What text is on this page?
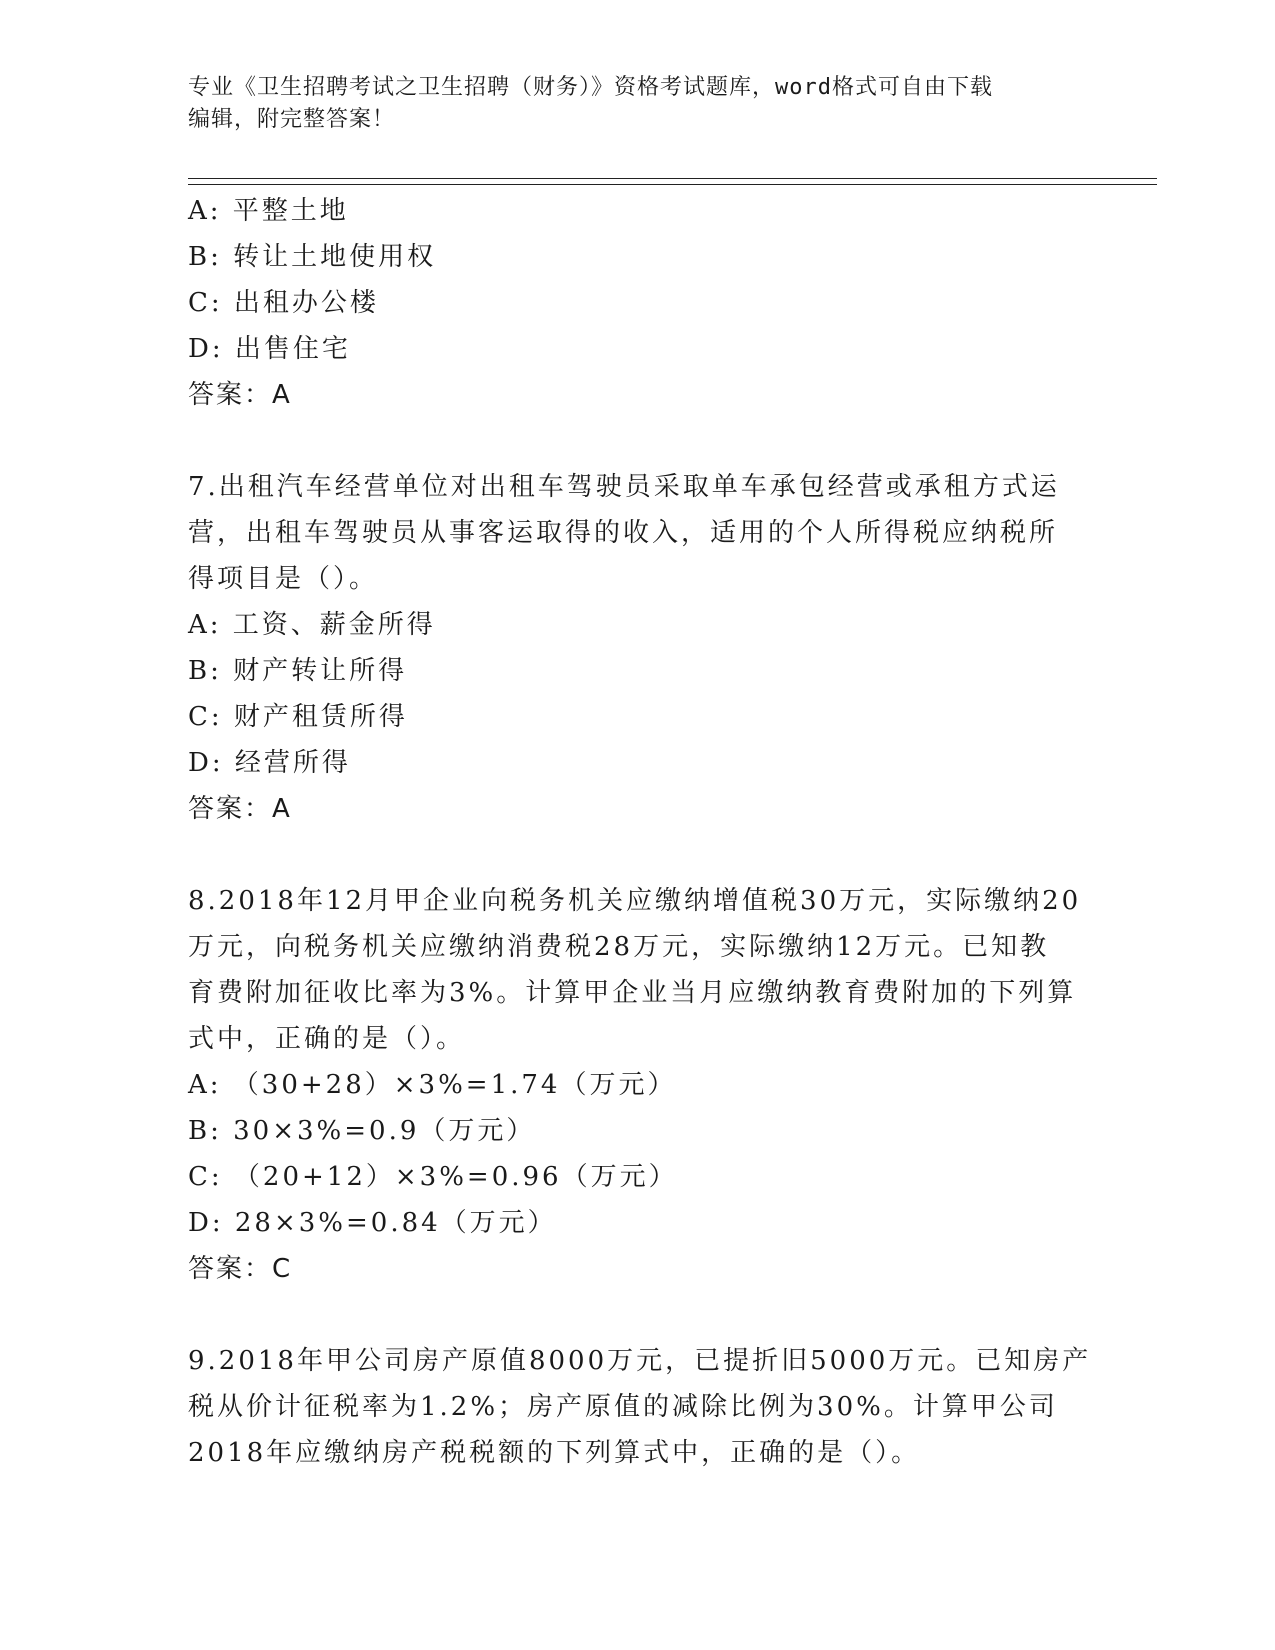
专业《卫生招聘考试之卫生招聘（财务）》资格考试题库，word格式可自由下载

编辑，附完整答案！

A: 平整土地

B: 转让土地使用权

C: 出租办公楼

D: 出售住宅

答案：A

7.出租汽车经营单位对出租车驾驶员采取单车承包经营或承租方式运

营，出租车驾驶员从事客运取得的收入，适用的个人所得税应纳税所

得项目是（）。

A: 工资、薪金所得

B: 财产转让所得

C: 财产租赁所得

D: 经营所得

答案：A

8.2018年12月甲企业向税务机关应缴纳增值税30万元，实际缴纳20

万元，向税务机关应缴纳消费税28万元，实际缴纳12万元。已知教

育费附加征收比率为3%。计算甲企业当月应缴纳教育费附加的下列算

式中，正确的是（）。

A: （30+28）×3%=1.74（万元）

B: 30×3%=0.9（万元）

C: （20+12）×3%=0.96（万元）

D: 28×3%=0.84（万元）

答案：C

9.2018年甲公司房产原值8000万元，已提折旧5000万元。已知房产

税从价计征税率为1.2%；房产原值的减除比例为30%。计算甲公司

2018年应缴纳房产税税额的下列算式中，正确的是（）。
